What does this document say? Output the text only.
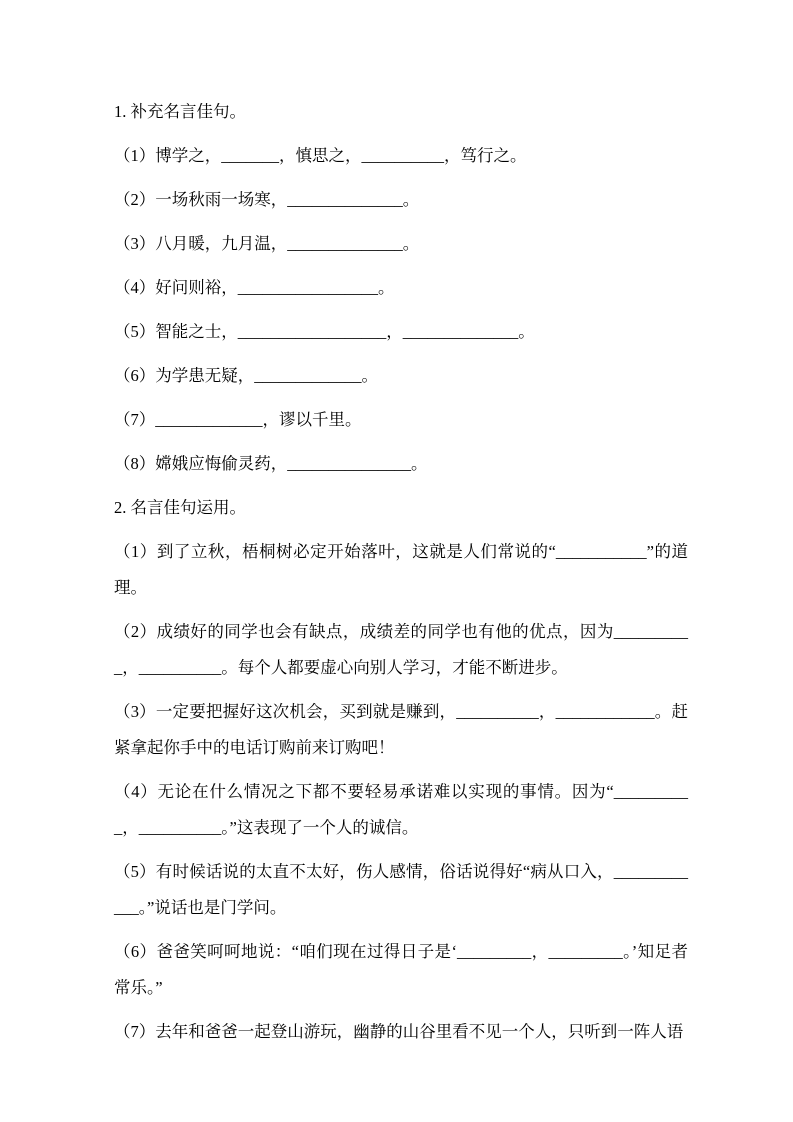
1. 补充名言佳句。

（1）博学之，_______，慎思之，__________，笃行之。

（2）一场秋雨一场寒，______________。

（3）八月暖，九月温，______________。

（4）好问则裕，_________________。

（5）智能之士，__________________，______________。

（6）为学患无疑，_____________。

（7）_____________，谬以千里。

（8）嫦娥应悔偷灵药，_______________。

2. 名言佳句运用。

（1）到了立秋，梧桐树必定开始落叶，这就是人们常说的“___________”的道理。

（2）成绩好的同学也会有缺点，成绩差的同学也有他的优点，因为__________，__________。每个人都要虚心向别人学习，才能不断进步。

（3）一定要把握好这次机会，买到就是赚到，__________，____________。赶紧拿起你手中的电话订购前来订购吧！

（4）无论在什么情况之下都不要轻易承诺难以实现的事情。因为“__________，__________。”这表现了一个人的诚信。

（5）有时候话说的太直不太好，伤人感情，俗话说得好“病从口入，____________。”说话也是门学问。

（6）爸爸笑呵呵地说：“咱们现在过得日子是‘_________，_________。’知足者常乐。”

（7）去年和爸爸一起登山游玩，幽静的山谷里看不见一个人，只听到一阵人语
